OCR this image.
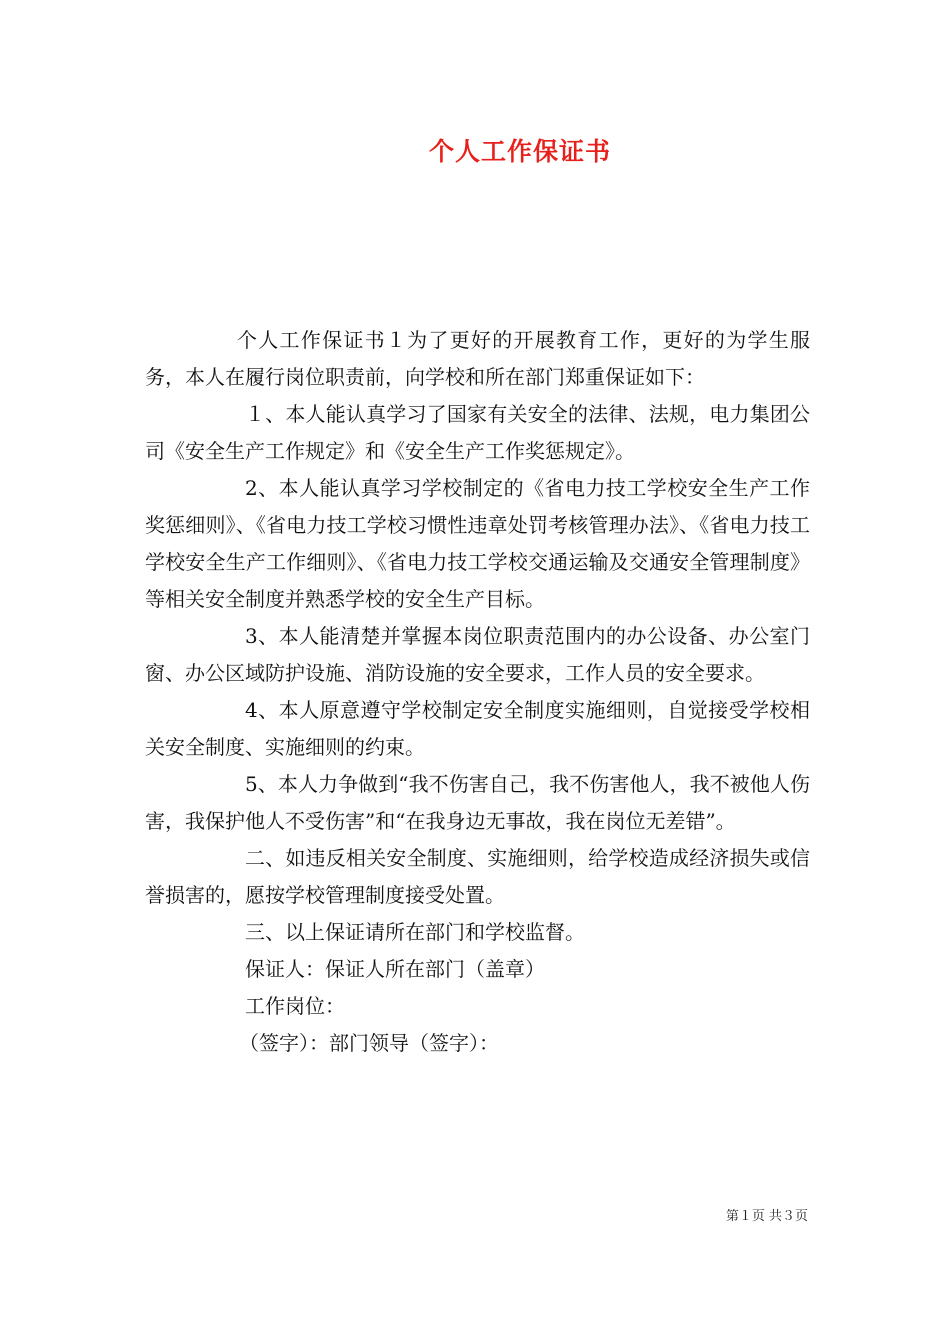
个人工作保证书

个人工作保证书１为了更好的开展教育工作，更好的为学生服务，本人在履行岗位职责前，向学校和所在部门郑重保证如下：

１、本人能认真学习了国家有关安全的法律、法规，电力集团公司《安全生产工作规定》和《安全生产工作奖惩规定》。

2、本人能认真学习学校制定的《省电力技工学校安全生产工作奖惩细则》、《省电力技工学校习惯性违章处罚考核管理办法》、《省电力技工学校安全生产工作细则》、《省电力技工学校交通运输及交通安全管理制度》等相关安全制度并熟悉学校的安全生产目标。

3、本人能清楚并掌握本岗位职责范围内的办公设备、办公室门窗、办公区域防护设施、消防设施的安全要求，工作人员的安全要求。

4、本人原意遵守学校制定安全制度实施细则，自觉接受学校相关安全制度、实施细则的约束。

5、本人力争做到“我不伤害自己，我不伤害他人，我不被他人伤害，我保护他人不受伤害”和“在我身边无事故，我在岗位无差错”。

二、如违反相关安全制度、实施细则，给学校造成经济损失或信誉损害的，愿按学校管理制度接受处置。

三、以上保证请所在部门和学校监督。

保证人：保证人所在部门（盖章）

工作岗位：

（签字）：部门领导（签字）：

第１页 共３页
